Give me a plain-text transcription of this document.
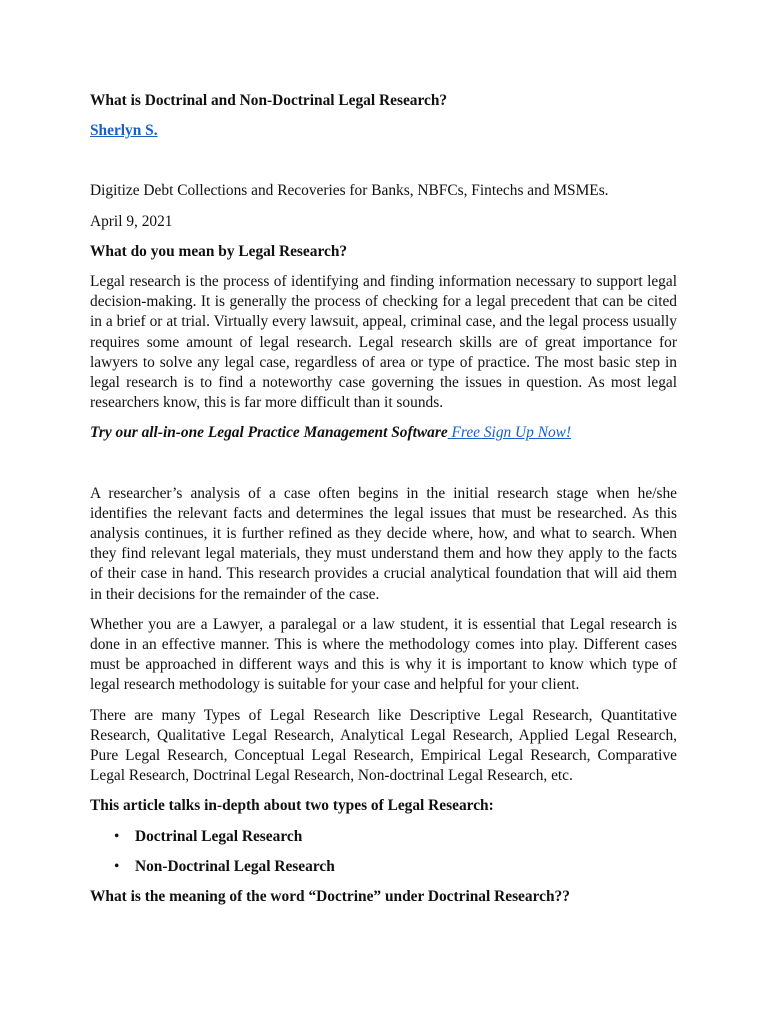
What is Doctrinal and Non-Doctrinal Legal Research?

Sherlyn S.

Digitize Debt Collections and Recoveries for Banks, NBFCs, Fintechs and MSMEs.

April 9, 2021

What do you mean by Legal Research?

Legal research is the process of identifying and finding information necessary to support legal decision-making. It is generally the process of checking for a legal precedent that can be cited in a brief or at trial. Virtually every lawsuit, appeal, criminal case, and the legal process usually requires some amount of legal research. Legal research skills are of great importance for lawyers to solve any legal case, regardless of area or type of practice. The most basic step in legal research is to find a noteworthy case governing the issues in question. As most legal researchers know, this is far more difficult than it sounds.

Try our all-in-one Legal Practice Management Software Free Sign Up Now!

A researcher’s analysis of a case often begins in the initial research stage when he/she identifies the relevant facts and determines the legal issues that must be researched. As this analysis continues, it is further refined as they decide where, how, and what to search. When they find relevant legal materials, they must understand them and how they apply to the facts of their case in hand. This research provides a crucial analytical foundation that will aid them in their decisions for the remainder of the case.

Whether you are a Lawyer, a paralegal or a law student, it is essential that Legal research is done in an effective manner. This is where the methodology comes into play. Different cases must be approached in different ways and this is why it is important to know which type of legal research methodology is suitable for your case and helpful for your client.

There are many Types of Legal Research like Descriptive Legal Research, Quantitative Research, Qualitative Legal Research, Analytical Legal Research, Applied Legal Research, Pure Legal Research, Conceptual Legal Research, Empirical Legal Research, Comparative Legal Research, Doctrinal Legal Research, Non-doctrinal Legal Research, etc.

This article talks in-depth about two types of Legal Research:

• Doctrinal Legal Research
• Non-Doctrinal Legal Research

What is the meaning of the word “Doctrine” under Doctrinal Research??
